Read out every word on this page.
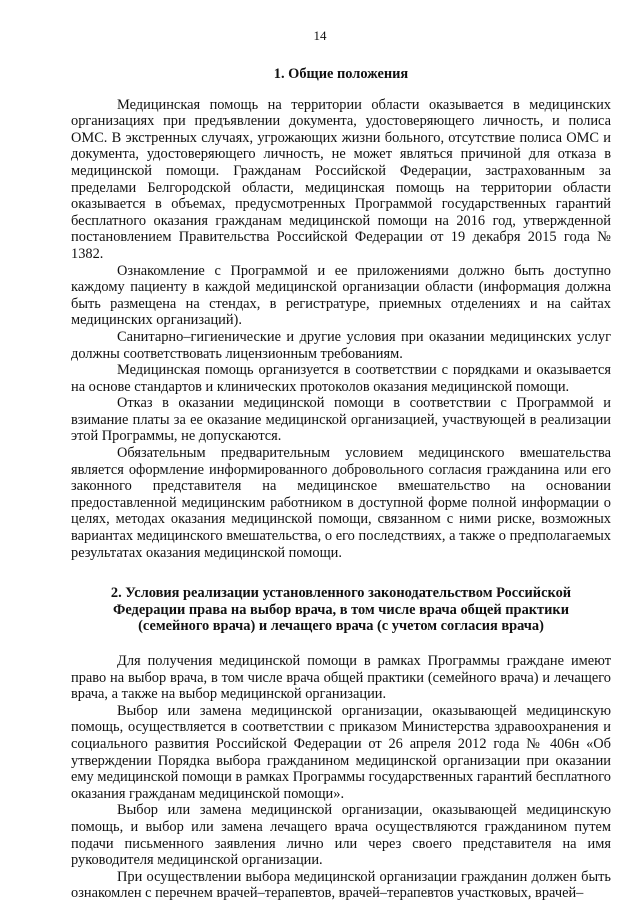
14

1. Общие положения

Медицинская помощь на территории области оказывается в медицинских организациях при предъявлении документа, удостоверяющего личность, и полиса ОМС. В экстренных случаях, угрожающих жизни больного, отсутствие полиса ОМС и документа, удостоверяющего личность, не может являться причиной для отказа в медицинской помощи. Гражданам Российской Федерации, застрахованным за пределами Белгородской области, медицинская помощь на территории области оказывается в объемах, предусмотренных Программой государственных гарантий бесплатного оказания гражданам медицинской помощи на 2016 год, утвержденной постановлением Правительства Российской Федерации от 19 декабря 2015 года № 1382.

Ознакомление с Программой и ее приложениями должно быть доступно каждому пациенту в каждой медицинской организации области (информация должна быть размещена на стендах, в регистратуре, приемных отделениях и на сайтах медицинских организаций).

Санитарно–гигиенические и другие условия при оказании медицинских услуг должны соответствовать лицензионным требованиям.

Медицинская помощь организуется в соответствии с порядками и оказывается на основе стандартов и клинических протоколов оказания медицинской помощи.

Отказ в оказании медицинской помощи в соответствии с Программой и взимание платы за ее оказание медицинской организацией, участвующей в реализации этой Программы, не допускаются.

Обязательным предварительным условием медицинского вмешательства является оформление информированного добровольного согласия гражданина или его законного представителя на медицинское вмешательство на основании предоставленной медицинским работником в доступной форме полной информации о целях, методах оказания медицинской помощи, связанном с ними риске, возможных вариантах медицинского вмешательства, о его последствиях, а также о предполагаемых результатах оказания медицинской помощи.

2. Условия реализации установленного законодательством Российской Федерации права на выбор врача, в том числе врача общей практики (семейного врача) и лечащего врача (с учетом согласия врача)

Для получения медицинской помощи в рамках Программы граждане имеют право на выбор врача, в том числе врача общей практики (семейного врача) и лечащего врача, а также на выбор медицинской организации.

Выбор или замена медицинской организации, оказывающей медицинскую помощь, осуществляется в соответствии с приказом Министерства здравоохранения и социального развития Российской Федерации от 26 апреля 2012 года № 406н «Об утверждении Порядка выбора гражданином медицинской организации при оказании ему медицинской помощи в рамках Программы государственных гарантий бесплатного оказания гражданам медицинской помощи».

Выбор или замена медицинской организации, оказывающей медицинскую помощь, и выбор или замена лечащего врача осуществляются гражданином путем подачи письменного заявления лично или через своего представителя на имя руководителя медицинской организации.

При осуществлении выбора медицинской организации гражданин должен быть ознакомлен с перечнем врачей–терапевтов, врачей–терапевтов участковых, врачей–
